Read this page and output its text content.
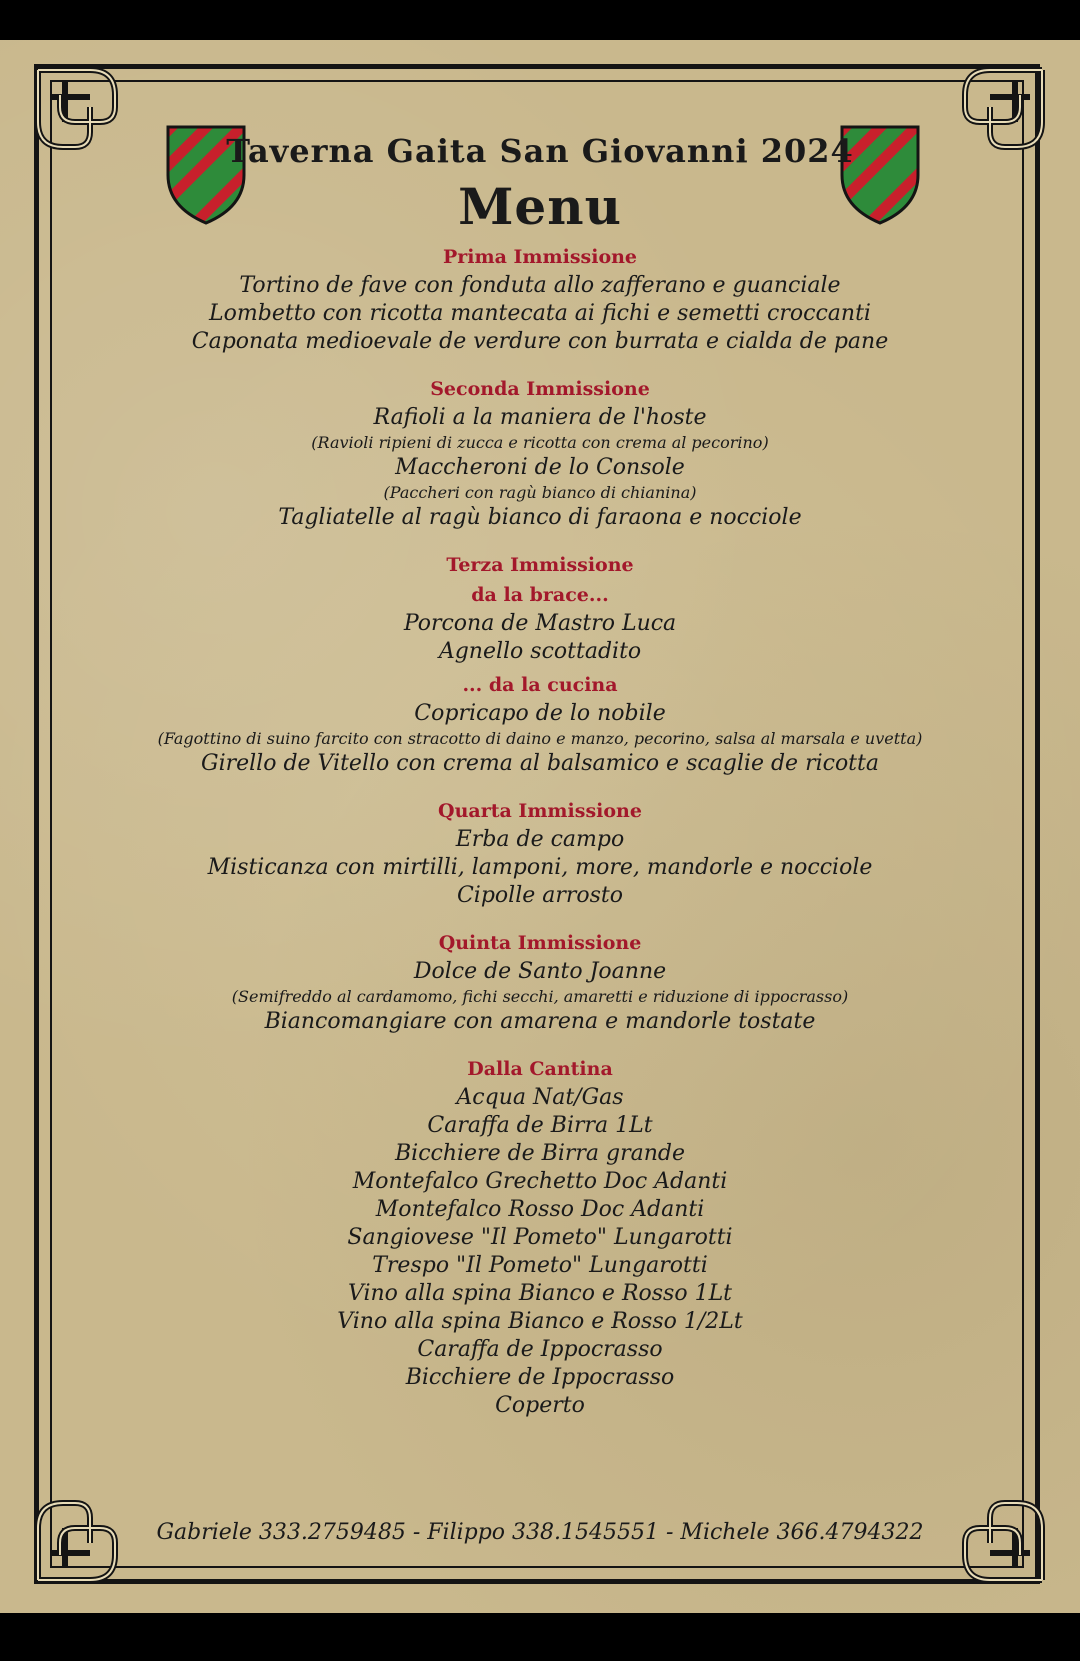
Taverna Gaita San Giovanni 2024
Menu
Prima Immissione
Tortino de fave con fonduta allo zafferano e guanciale
Lombetto con ricotta mantecata ai fichi e semetti croccanti
Caponata medioevale de verdure con burrata e cialda de pane
Seconda Immissione
Rafioli a la maniera de l'hoste
(Ravioli ripieni di zucca e ricotta con crema al pecorino)
Maccheroni de lo Console
(Paccheri con ragù bianco di chianina)
Tagliatelle al ragù bianco di faraona e nocciole
Terza Immissione
da la brace...
Porcona de Mastro Luca
Agnello scottadito
... da la cucina
Copricapo de lo nobile
(Fagottino di suino farcito con stracotto di daino e manzo, pecorino, salsa al marsala e uvetta)
Girello de Vitello con crema al balsamico e scaglie de ricotta
Quarta Immissione
Erba de campo
Misticanza con mirtilli, lamponi, more, mandorle e nocciole
Cipolle arrosto
Quinta Immissione
Dolce de Santo Joanne
(Semifreddo al cardamomo, fichi secchi, amaretti e riduzione di ippocrasso)
Biancomangiare con amarena e mandorle tostate
Dalla Cantina
Acqua Nat/Gas
Caraffa de Birra 1Lt
Bicchiere de Birra grande
Montefalco Grechetto Doc Adanti
Montefalco Rosso Doc Adanti
Sangiovese "Il Pometo" Lungarotti
Trespo "Il Pometo" Lungarotti
Vino alla spina Bianco e Rosso 1Lt
Vino alla spina Bianco e Rosso 1/2Lt
Caraffa de Ippocrasso
Bicchiere de Ippocrasso
Coperto
Gabriele 333.2759485 - Filippo 338.1545551 - Michele 366.4794322
